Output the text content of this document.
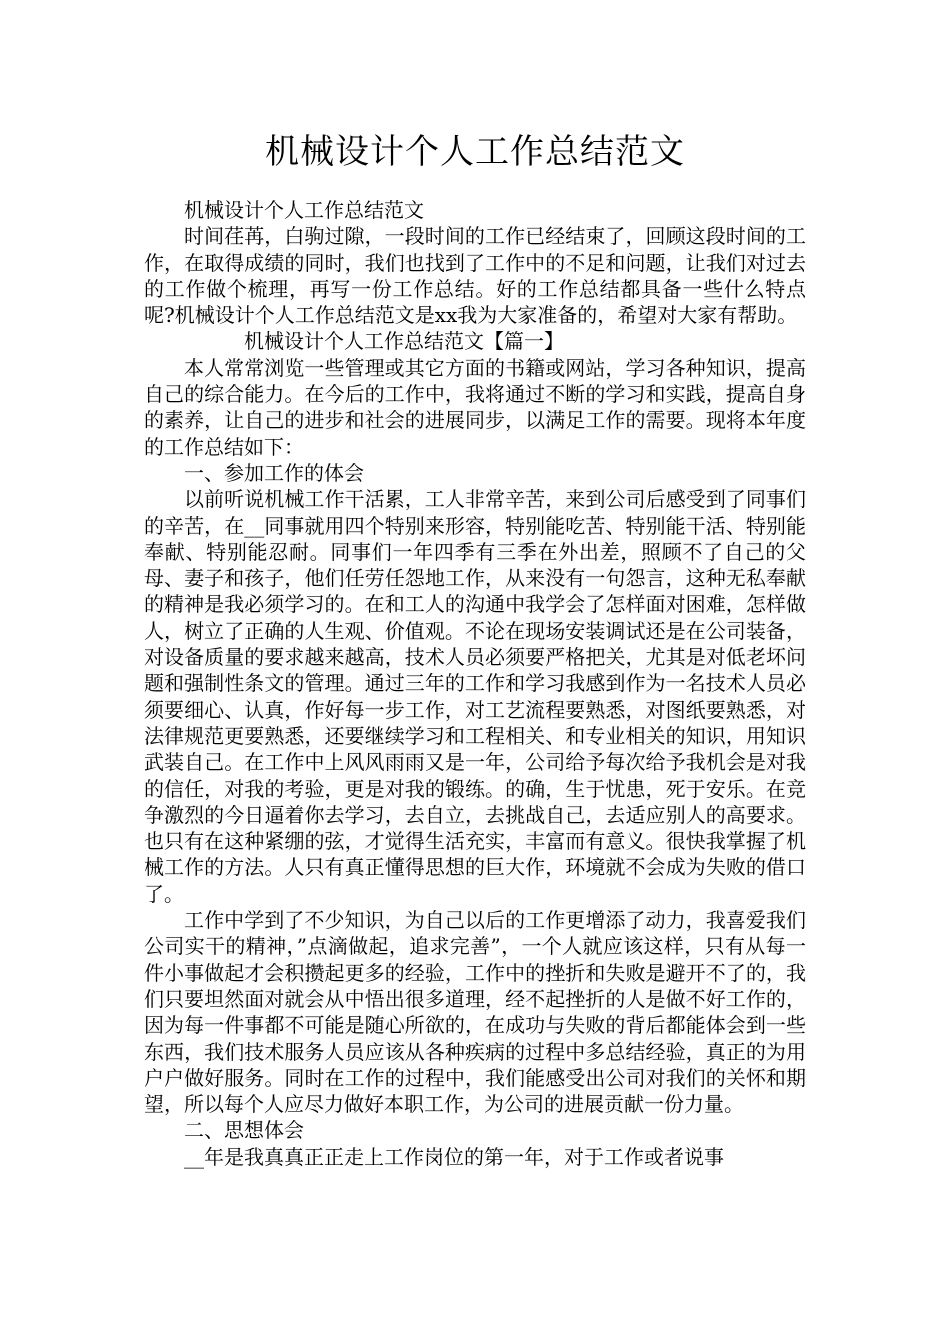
机械设计个人工作总结范文

机械设计个人工作总结范文

时间荏苒，白驹过隙，一段时间的工作已经结束了，回顾这段时间的工作，在取得成绩的同时，我们也找到了工作中的不足和问题，让我们对过去的工作做个梳理，再写一份工作总结。好的工作总结都具备一些什么特点呢?机械设计个人工作总结范文是xx我为大家准备的，希望对大家有帮助。

机械设计个人工作总结范文【篇一】

本人常常浏览一些管理或其它方面的书籍或网站，学习各种知识，提高自己的综合能力。在今后的工作中，我将通过不断的学习和实践，提高自身的素养，让自己的进步和社会的进展同步，以满足工作的需要。现将本年度的工作总结如下：

一、参加工作的体会

以前听说机械工作干活累，工人非常辛苦，来到公司后感受到了同事们的辛苦，在__同事就用四个特别来形容，特别能吃苦、特别能干活、特别能奉献、特别能忍耐。同事们一年四季有三季在外出差，照顾不了自己的父母、妻子和孩子，他们任劳任怨地工作，从来没有一句怨言，这种无私奉献的精神是我必须学习的。在和工人的沟通中我学会了怎样面对困难，怎样做人，树立了正确的人生观、价值观。不论在现场安装调试还是在公司装备，对设备质量的要求越来越高，技术人员必须要严格把关，尤其是对低老坏问题和强制性条文的管理。通过三年的工作和学习我感到作为一名技术人员必须要细心、认真，作好每一步工作，对工艺流程要熟悉，对图纸要熟悉，对法律规范更要熟悉，还要继续学习和工程相关、和专业相关的知识，用知识武装自己。在工作中上风风雨雨又是一年，公司给予每次给予我机会是对我的信任，对我的考验，更是对我的锻练。的确，生于忧患，死于安乐。在竞争激烈的今日逼着你去学习，去自立，去挑战自己，去适应别人的高要求。也只有在这种紧绷的弦，才觉得生活充实，丰富而有意义。很快我掌握了机械工作的方法。人只有真正懂得思想的巨大作，环境就不会成为失败的借口了。

工作中学到了不少知识，为自己以后的工作更增添了动力，我喜爱我们公司实干的精神，”点滴做起，追求完善”，一个人就应该这样，只有从每一件小事做起才会积攒起更多的经验，工作中的挫折和失败是避开不了的，我们只要坦然面对就会从中悟出很多道理，经不起挫折的人是做不好工作的，因为每一件事都不可能是随心所欲的，在成功与失败的背后都能体会到一些东西，我们技术服务人员应该从各种疾病的过程中多总结经验，真正的为用户户做好服务。同时在工作的过程中，我们能感受出公司对我们的关怀和期望，所以每个人应尽力做好本职工作，为公司的进展贡献一份力量。

二、思想体会

__年是我真真正正走上工作岗位的第一年，对于工作或者说事
